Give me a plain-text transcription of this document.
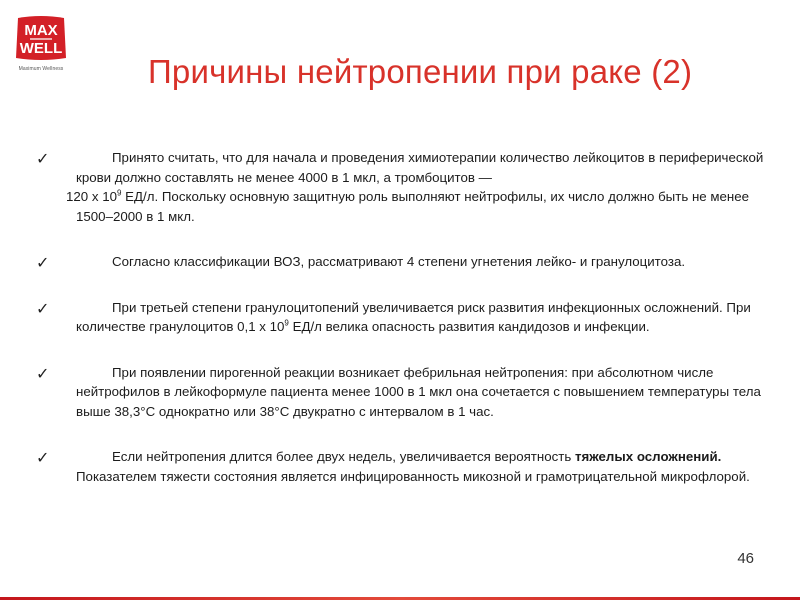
MAX
WELL
Maximum Wellness	Причины нейтропении при раке (2)
✓	Принято считать, что для начала и проведения химиотерапии количество лейкоцитов в периферической крови должно составлять не менее 4000 в 1 мкл, а тромбоцитов —
120 x $10^9$ ЕД/л. Поскольку основную защитную роль выполняют нейтрофилы, их число должно быть не менее 1500–2000 в 1 мкл.
✓	Согласно классификации ВОЗ, рассматривают 4 степени угнетения лейко- и гранулоцитоза.
✓	При третьей степени гранулоцитопений увеличивается риск развития инфекционных осложнений. При количестве гранулоцитов 0,1 х $10^9$ ЕД/л велика опасность развития кандидозов и инфекции.
✓	При появлении пирогенной реакции возникает фебрильная нейтропения: при абсолютном числе нейтрофилов в лейкоформуле пациента менее 1000 в 1 мкл она сочетается с повышением температуры тела выше 38,3°С однократно или 38°С двукратно с интервалом в 1 час.
✓	Если нейтропения длится более двух недель, увеличивается вероятность тяжелых осложнений. Показателем тяжести состояния является инфицированность микозной и грамотрицательной микрофлорой.
46
